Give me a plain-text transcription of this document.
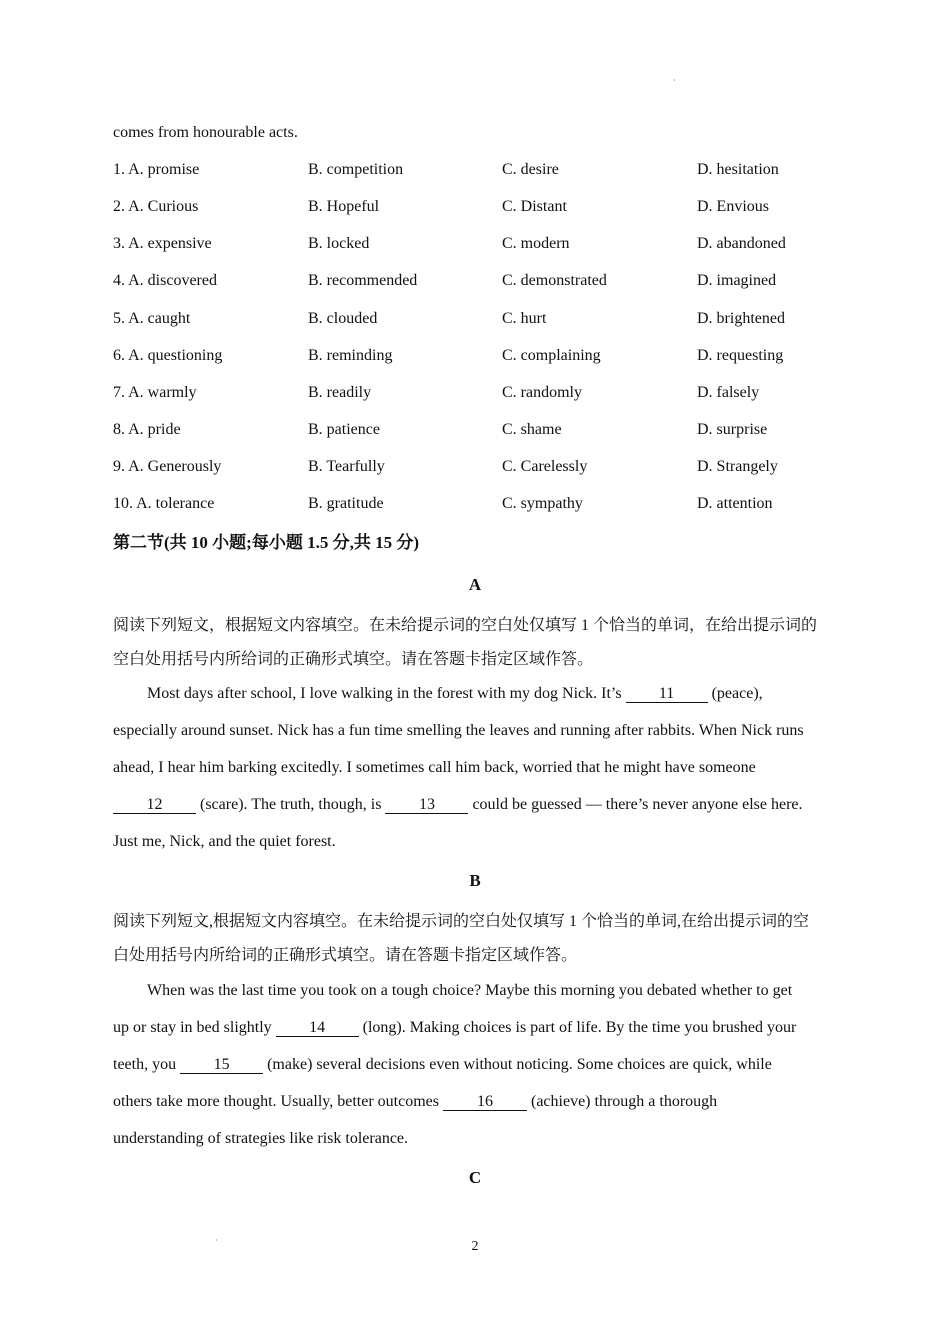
·
·
comes from honourable acts.
1. A. promise	B. competition	C. desire	D. hesitation
2. A. Curious	B. Hopeful	C. Distant	D. Envious
3. A. expensive	B. locked	C. modern	D. abandoned
4. A. discovered	B. recommended	C. demonstrated	D. imagined
5. A. caught	B. clouded	C. hurt	D. brightened
6. A. questioning	B. reminding	C. complaining	D. requesting
7. A. warmly	B. readily	C. randomly	D. falsely
8. A. pride	B. patience	C. shame	D. surprise
9. A. Generously	B. Tearfully	C. Carelessly	D. Strangely
10. A. tolerance	B. gratitude	C. sympathy	D. attention
第二节(共 10 小题;每小题 1.5 分,共 15 分)
A
阅读下列短文，根据短文内容填空。在未给提示词的空白处仅填写 1 个恰当的单词，在给出提示词的
空白处用括号内所给词的正确形式填空。请在答题卡指定区域作答。
Most days after school, I love walking in the forest with my dog Nick. It’s 11 (peace),
especially around sunset. Nick has a fun time smelling the leaves and running after rabbits. When Nick runs
ahead, I hear him barking excitedly. I sometimes call him back, worried that he might have someone
12 (scare). The truth, though, is 13 could be guessed — there’s never anyone else here.
Just me, Nick, and the quiet forest.
B
阅读下列短文,根据短文内容填空。在未给提示词的空白处仅填写 1 个恰当的单词,在给出提示词的空
白处用括号内所给词的正确形式填空。请在答题卡指定区域作答。
When was the last time you took on a tough choice? Maybe this morning you debated whether to get
up or stay in bed slightly 14 (long). Making choices is part of life. By the time you brushed your
teeth, you 15 (make) several decisions even without noticing. Some choices are quick, while
others take more thought. Usually, better outcomes 16 (achieve) through a thorough
understanding of strategies like risk tolerance.
C
2
